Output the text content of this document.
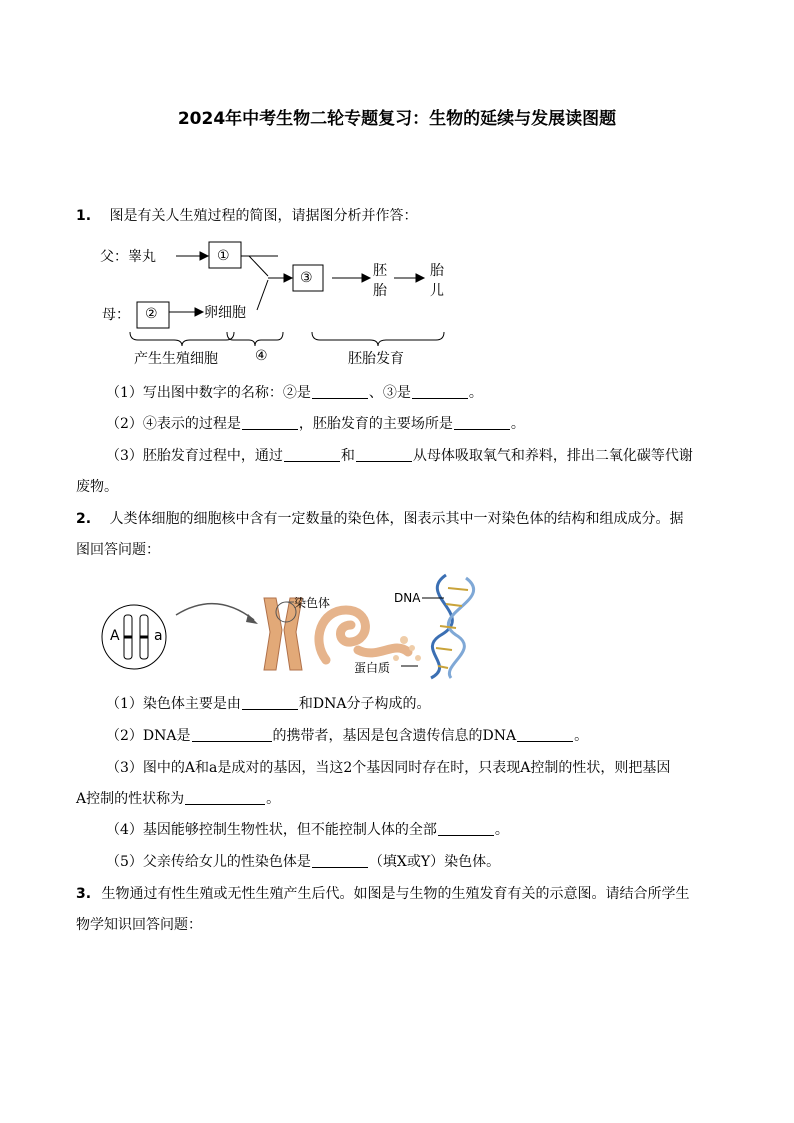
2024年中考生物二轮专题复习：生物的延续与发展读图题
1. 图是有关人生殖过程的简图，请据图分析并作答：
父：睾丸	①
母： ②	卵细胞
③	胚
胎
胎
儿
产生生殖细胞	④	胚胎发育
（1）写出图中数字的名称：②是	、③是	。
（2）④表示的过程是	，胚胎发育的主要场所是	。
（3）胚胎发育过程中，通过	和	从母体吸取氧气和养料，排出二氧化碳等代谢
废物。
2. 人类体细胞的细胞核中含有一定数量的染色体，图表示其中一对染色体的结构和组成成分。据
图回答问题：
A a
染色体	DNA
蛋白质
（1）染色体主要是由	和DNA分子构成的。
（2）DNA是	的携带者，基因是包含遗传信息的DNA	。
（3）图中的A和a是成对的基因，当这2个基因同时存在时，只表现A控制的性状，则把基因
A控制的性状称为	。
（4）基因能够控制生物性状，但不能控制人体的全部	。
（5）父亲传给女儿的性染色体是	（填X或Y）染色体。
3. 生物通过有性生殖或无性生殖产生后代。如图是与生物的生殖发育有关的示意图。请结合所学生
物学知识回答问题：
